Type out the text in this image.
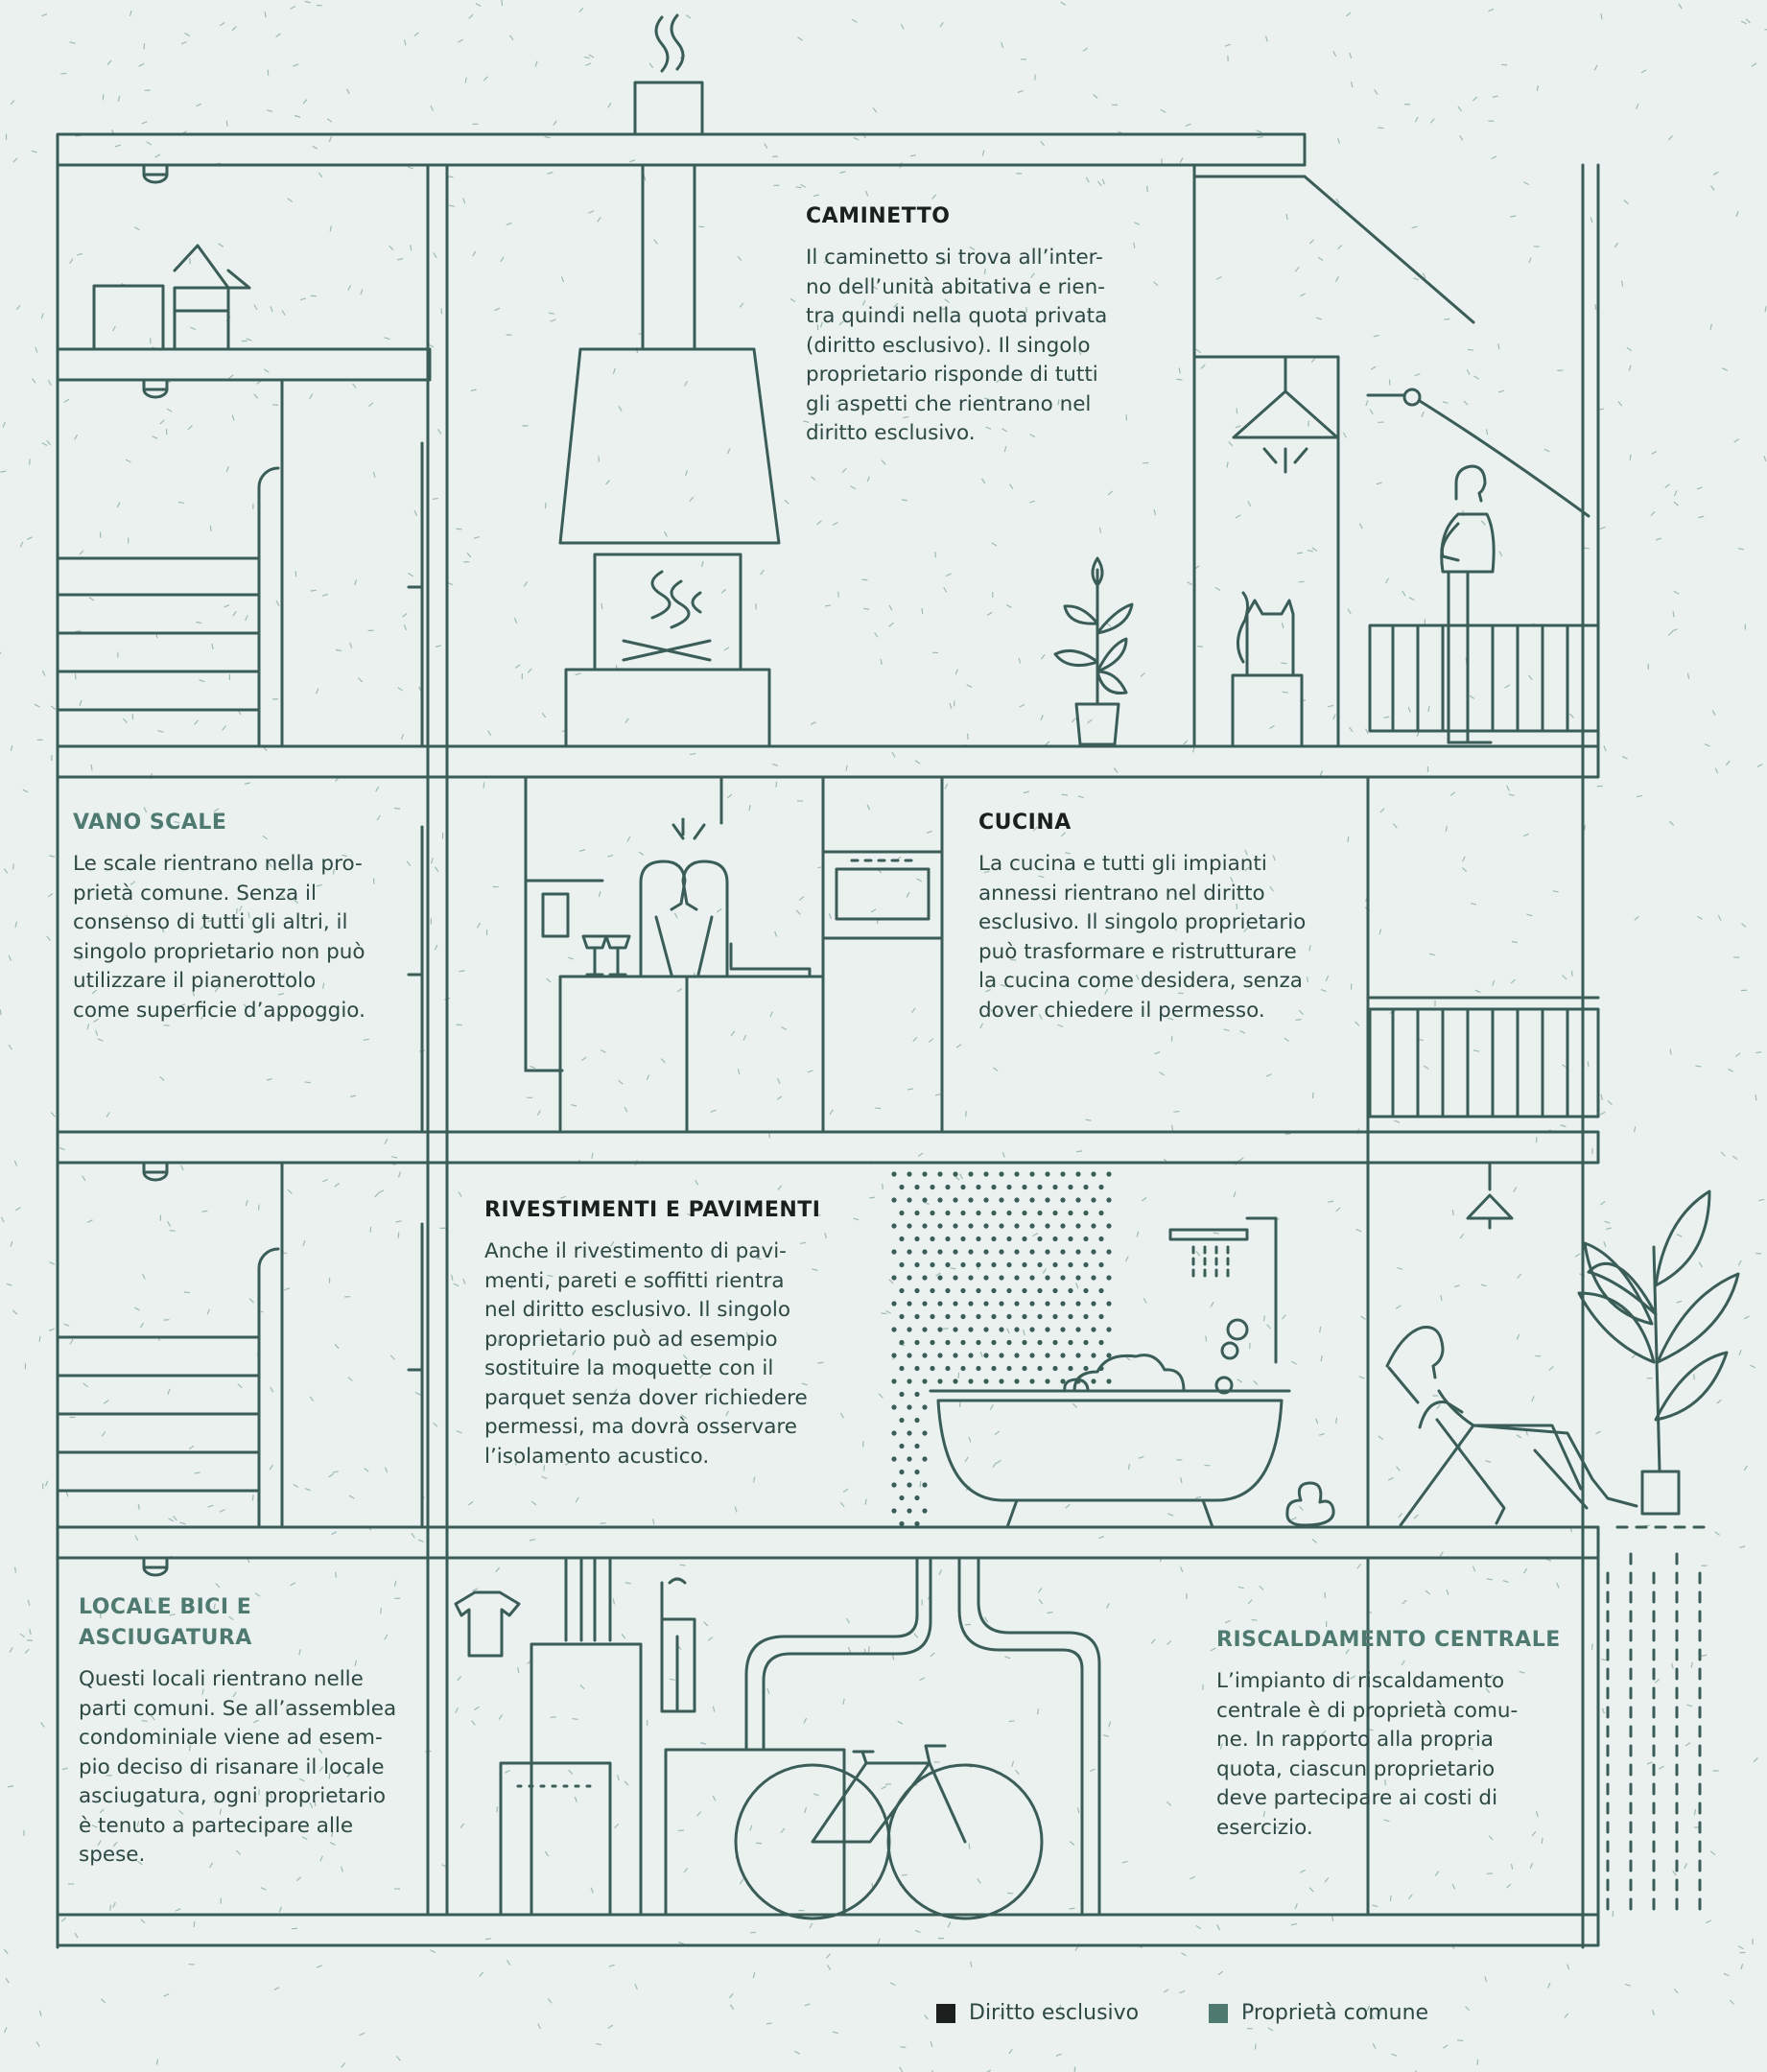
CAMINETTO

Il caminetto si trova all’inter-
no dell’unità abitativa e rien-
tra quindi nella quota privata
(diritto esclusivo). Il singolo
proprietario risponde di tutti
gli aspetti che rientrano nel
diritto esclusivo.

VANO SCALE

Le scale rientrano nella pro-
prietà comune. Senza il
consenso di tutti gli altri, il
singolo proprietario non può
utilizzare il pianerottolo
come superficie d’appoggio.

CUCINA

La cucina e tutti gli impianti
annessi rientrano nel diritto
esclusivo. Il singolo proprietario
può trasformare e ristrutturare
la cucina come desidera, senza
dover chiedere il permesso.

RIVESTIMENTI E PAVIMENTI

Anche il rivestimento di pavi-
menti, pareti e soffitti rientra
nel diritto esclusivo. Il singolo
proprietario può ad esempio
sostituire la moquette con il
parquet senza dover richiedere
permessi, ma dovrà osservare
l’isolamento acustico.

LOCALE BICI E
ASCIUGATURA

Questi locali rientrano nelle
parti comuni. Se all’assemblea
condominiale viene ad esem-
pio deciso di risanare il locale
asciugatura, ogni proprietario
è tenuto a partecipare alle
spese.

RISCALDAMENTO CENTRALE

L’impianto di riscaldamento
centrale è di proprietà comu-
ne. In rapporto alla propria
quota, ciascun proprietario
deve partecipare ai costi di
esercizio.

Diritto esclusivo	Proprietà comune
